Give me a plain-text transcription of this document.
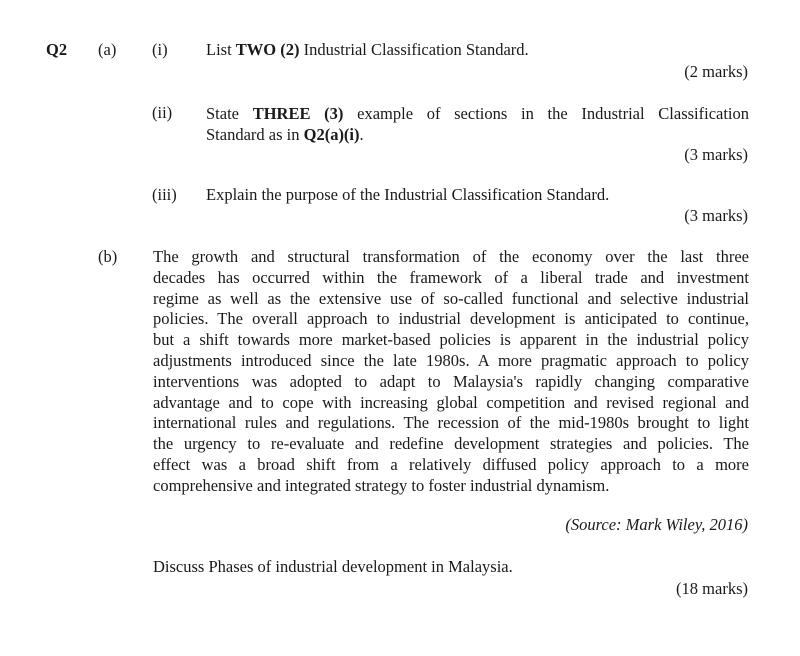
Q2 (a) (i) List TWO (2) Industrial Classification Standard.
(2 marks)
(ii) State THREE (3) example of sections in the Industrial Classification
Standard as in Q2(a)(i).
(3 marks)
(iii) Explain the purpose of the Industrial Classification Standard.
(3 marks)
(b) The growth and structural transformation of the economy over the last three
decades has occurred within the framework of a liberal trade and investment
regime as well as the extensive use of so-called functional and selective industrial
policies. The overall approach to industrial development is anticipated to continue,
but a shift towards more market-based policies is apparent in the industrial policy
adjustments introduced since the late 1980s. A more pragmatic approach to policy
interventions was adopted to adapt to Malaysia's rapidly changing comparative
advantage and to cope with increasing global competition and revised regional and
international rules and regulations. The recession of the mid-1980s brought to light
the urgency to re-evaluate and redefine development strategies and policies. The
effect was a broad shift from a relatively diffused policy approach to a more
comprehensive and integrated strategy to foster industrial dynamism.
(Source: Mark Wiley, 2016)
Discuss Phases of industrial development in Malaysia.
(18 marks)
